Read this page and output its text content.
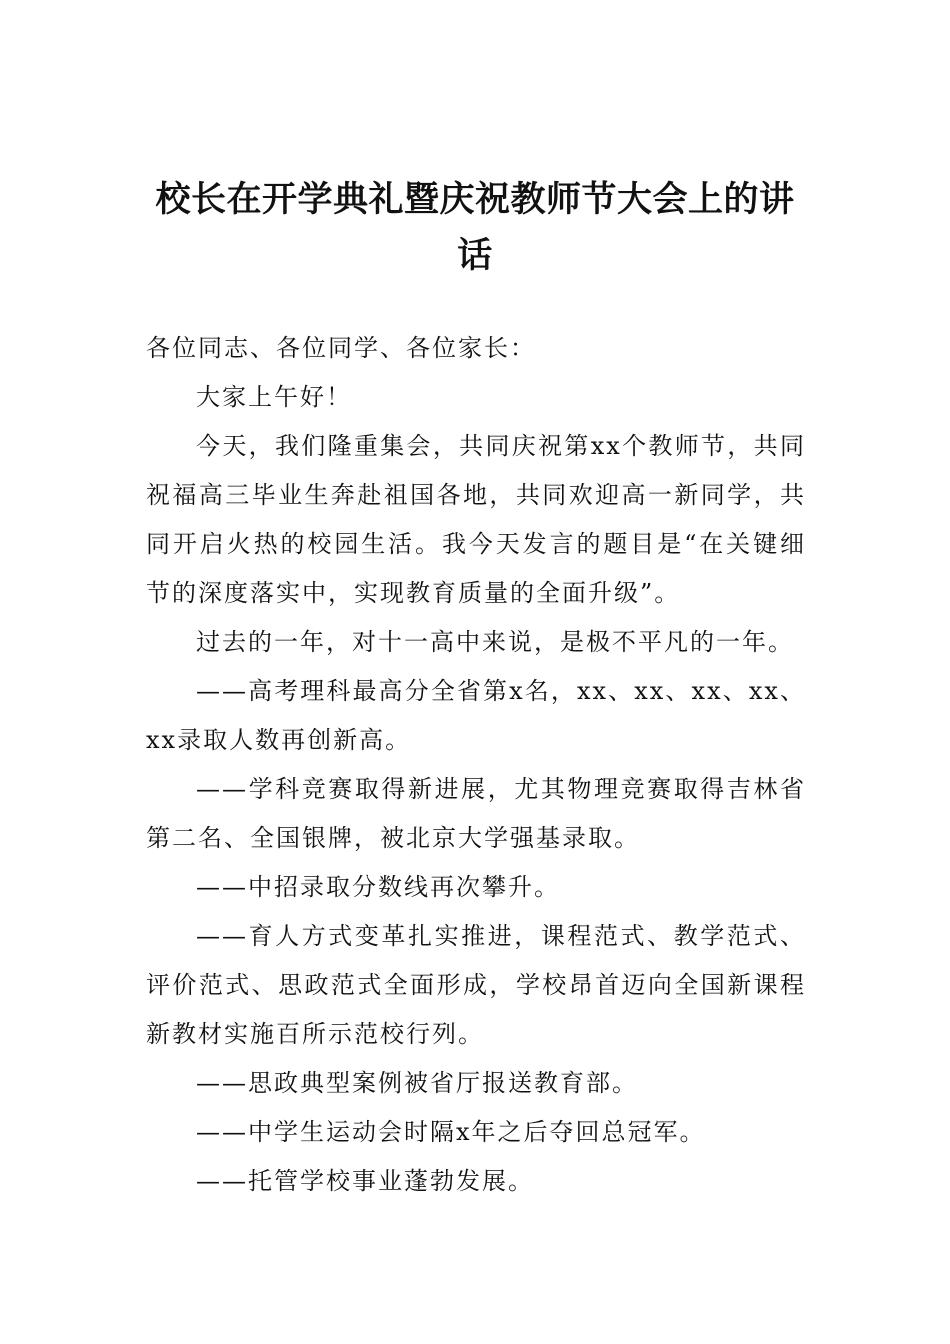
校长在开学典礼暨庆祝教师节大会上的讲话

各位同志、各位同学、各位家长：

大家上午好！

今天，我们隆重集会，共同庆祝第xx个教师节，共同祝福高三毕业生奔赴祖国各地，共同欢迎高一新同学，共同开启火热的校园生活。我今天发言的题目是“在关键细节的深度落实中，实现教育质量的全面升级”。

过去的一年，对十一高中来说，是极不平凡的一年。

——高考理科最高分全省第x名，xx、xx、xx、xx、xx录取人数再创新高。

——学科竞赛取得新进展，尤其物理竞赛取得吉林省第二名、全国银牌，被北京大学强基录取。

——中招录取分数线再次攀升。

——育人方式变革扎实推进，课程范式、教学范式、评价范式、思政范式全面形成，学校昂首迈向全国新课程新教材实施百所示范校行列。

——思政典型案例被省厅报送教育部。

——中学生运动会时隔x年之后夺回总冠军。

——托管学校事业蓬勃发展。
